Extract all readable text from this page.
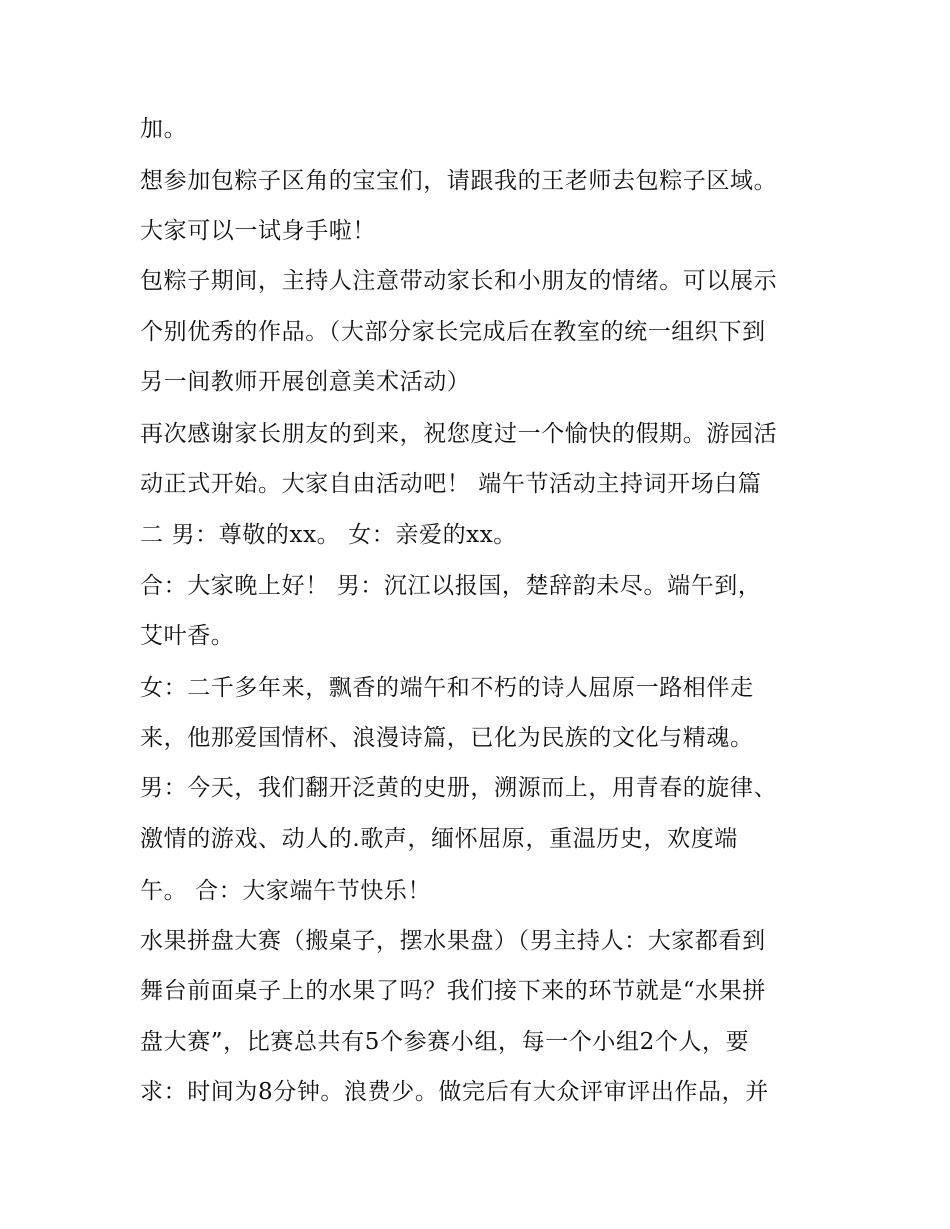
加。
想参加包粽子区角的宝宝们，请跟我的王老师去包粽子区域。
大家可以一试身手啦！
包粽子期间，主持人注意带动家长和小朋友的情绪。可以展示
个别优秀的作品。（大部分家长完成后在教室的统一组织下到
另一间教师开展创意美术活动）
再次感谢家长朋友的到来，祝您度过一个愉快的假期。游园活
动正式开始。大家自由活动吧！ 端午节活动主持词开场白篇
二 男：尊敬的xx。 女：亲爱的xx。
合：大家晚上好！ 男：沉江以报国，楚辞韵未尽。端午到，
艾叶香。
女：二千多年来，飘香的端午和不朽的诗人屈原一路相伴走
来，他那爱国情杯、浪漫诗篇，已化为民族的文化与精魂。
男：今天，我们翻开泛黄的史册，溯源而上，用青春的旋律、
激情的游戏、动人的.歌声，缅怀屈原，重温历史，欢度端
午。 合：大家端午节快乐！
水果拼盘大赛（搬桌子，摆水果盘）（男主持人：大家都看到
舞台前面桌子上的水果了吗？我们接下来的环节就是“水果拼
盘大赛”，比赛总共有5个参赛小组，每一个小组2个人，要
求：时间为8分钟。浪费少。做完后有大众评审评出作品，并
